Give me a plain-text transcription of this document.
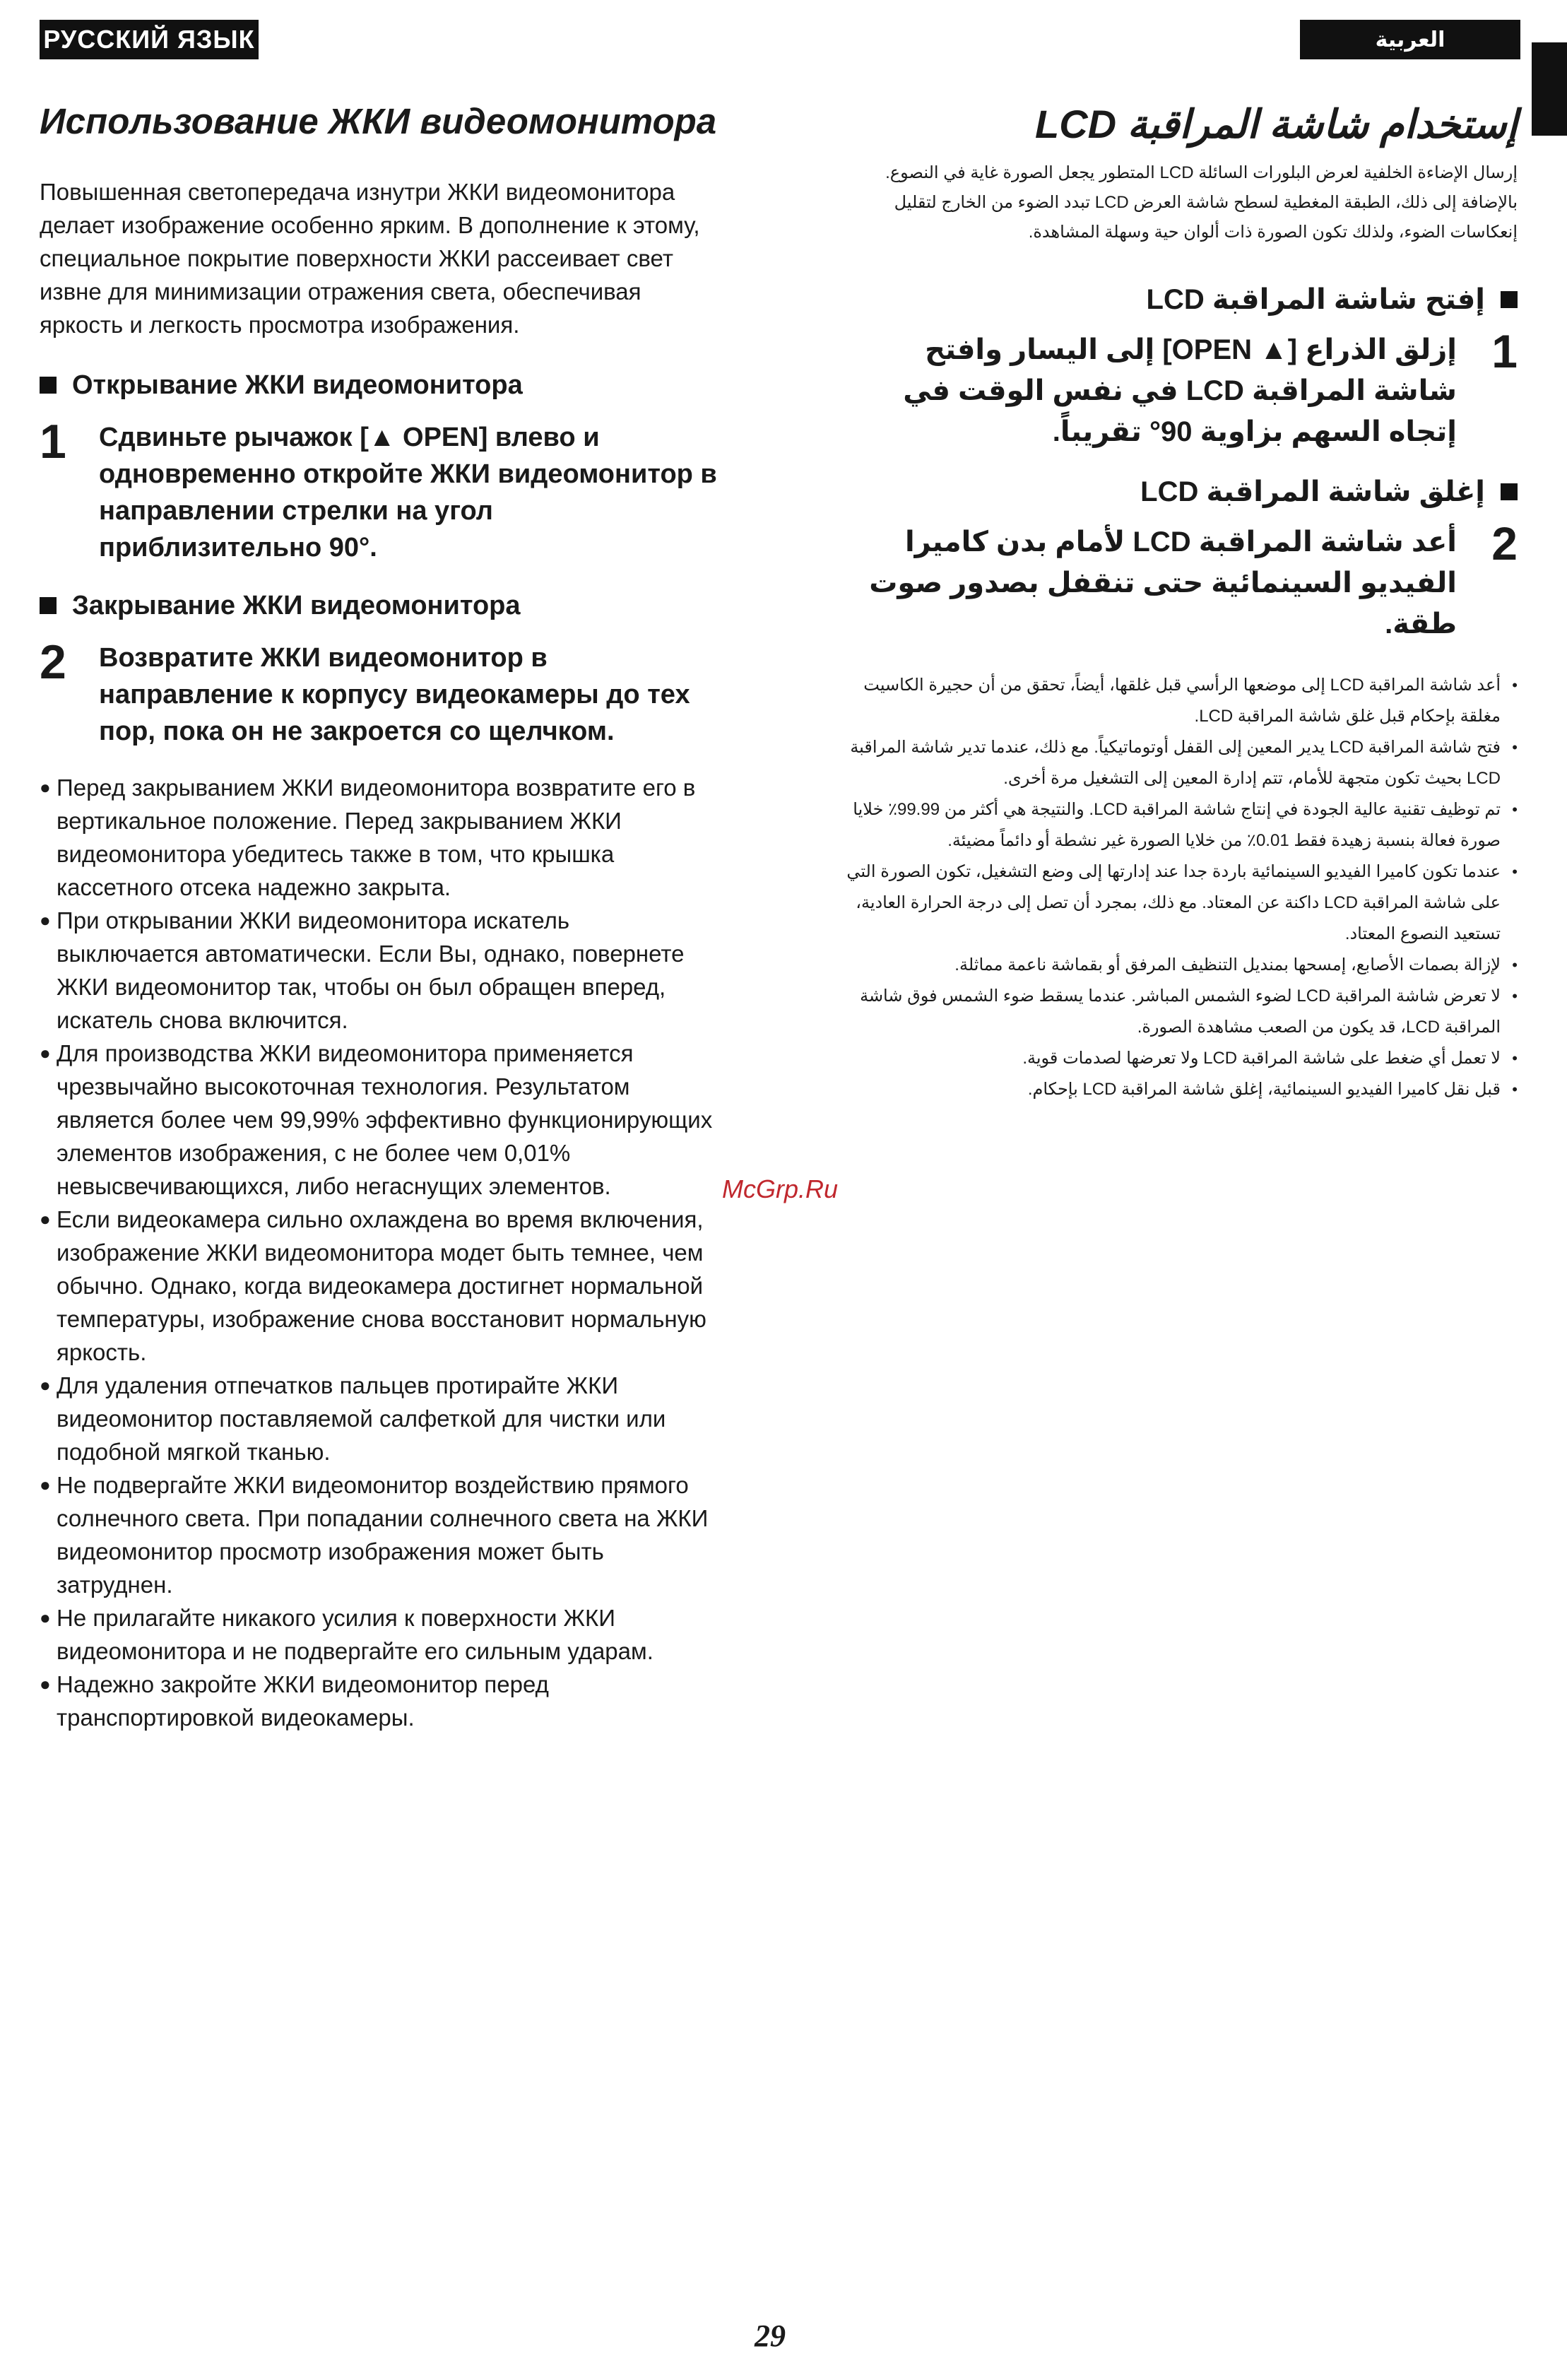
РУССКИЙ ЯЗЫК	العربية
Использование ЖКИ видеомонитора

Повышенная светопередача изнутри ЖКИ видеомонитора делает изображение особенно ярким. В дополнение к этому, специальное покрытие поверхности ЖКИ рассеивает свет извне для минимизации отражения света, обеспечивая яркость и легкость просмотра изображения.

Открывание ЖКИ видеомонитора
1	Сдвиньте рычажок [▲ OPEN] влево и одновременно откройте ЖКИ видеомонитор в направлении стрелки на угол приблизительно 90°.
Закрывание ЖКИ видеомонитора
2	Возвратите ЖКИ видеомонитор в направление к корпусу видеокамеры до тех пор, пока он не закроется со щелчком.
● Перед закрыванием ЖКИ видеомонитора возвратите его в вертикальное положение. Перед закрыванием ЖКИ видеомонитора убедитесь также в том, что крышка кассетного отсека надежно закрыта.
● При открывании ЖКИ видеомонитора искатель выключается автоматически. Если Вы, однако, повернете ЖКИ видеомонитор так, чтобы он был обращен вперед, искатель снова включится.
● Для производства ЖКИ видеомонитора применяется чрезвычайно высокоточная технология. Результатом является более чем 99,99% эффективно функционирующих элементов изображения, с не более чем 0,01% невысвечивающихся, либо негаснущих элементов.
● Если видеокамера сильно охлаждена во время включения, изображение ЖКИ видеомонитора модет быть темнее, чем обычно. Однако, когда видеокамера достигнет нормальной температуры, изображение снова восстановит нормальную яркость.
● Для удаления отпечатков пальцев протирайте ЖКИ видеомонитор поставляемой салфеткой для чистки или подобной мягкой тканью.
● Не подвергайте ЖКИ видеомонитор воздействию прямого солнечного света. При попадании солнечного света на ЖКИ видеомонитор просмотр изображения может быть затруднен.
● Не прилагайте никакого усилия к поверхности ЖКИ видеомонитора и не подвергайте его сильным ударам.
● Надежно закройте ЖКИ видеомонитор перед транспортировкой видеокамеры.
McGrp.Ru
إستخدام شاشة المراقبة LCD

إرسال الإضاءة الخلفية لعرض البلورات السائلة LCD المتطور يجعل الصورة غاية في النصوع. بالإضافة إلى ذلك، الطبقة المغطية لسطح شاشة العرض LCD تبدد الضوء من الخارج لتقليل إنعكاسات الضوء، ولذلك تكون الصورة ذات ألوان حية وسهلة المشاهدة.

إفتح شاشة المراقبة LCD
1
إزلق الذراع [▲ OPEN] إلى اليسار وافتح شاشة المراقبة LCD في نفس الوقت في إتجاه السهم بزاوية 90° تقريباً.
إغلق شاشة المراقبة LCD
2
أعد شاشة المراقبة LCD لأمام بدن كاميرا الفيديو السينمائية حتى تنقفل بصدور صوت طقة.
•
أعد شاشة المراقبة LCD إلى موضعها الرأسي قبل غلقها، أيضاً، تحقق من أن حجيرة الكاسيت مغلقة بإحكام قبل غلق شاشة المراقبة LCD.
•
فتح شاشة المراقبة LCD يدير المعين إلى القفل أوتوماتيكياً. مع ذلك، عندما تدير شاشة المراقبة LCD بحيث تكون متجهة للأمام، تتم إدارة المعين إلى التشغيل مرة أخرى.
•
تم توظيف تقنية عالية الجودة في إنتاج شاشة المراقبة LCD. والنتيجة هي أكثر من 99.99٪ خلايا صورة فعالة بنسبة زهيدة فقط 0.01٪ من خلايا الصورة غير نشطة أو دائماً مضيئة.
•
عندما تكون كاميرا الفيديو السينمائية باردة جدا عند إدارتها إلى وضع التشغيل، تكون الصورة التي على شاشة المراقبة LCD داكنة عن المعتاد. مع ذلك، بمجرد أن تصل إلى درجة الحرارة العادية، تستعيد النصوع المعتاد.
•
لإزالة بصمات الأصابع، إمسحها بمنديل التنظيف المرفق أو بقماشة ناعمة مماثلة.
•
لا تعرض شاشة المراقبة LCD لضوء الشمس المباشر. عندما يسقط ضوء الشمس فوق شاشة المراقبة LCD، قد يكون من الصعب مشاهدة الصورة.
•
لا تعمل أي ضغط على شاشة المراقبة LCD ولا تعرضها لصدمات قوية.
•
قبل نقل كاميرا الفيديو السينمائية، إغلق شاشة المراقبة LCD بإحكام.
29
